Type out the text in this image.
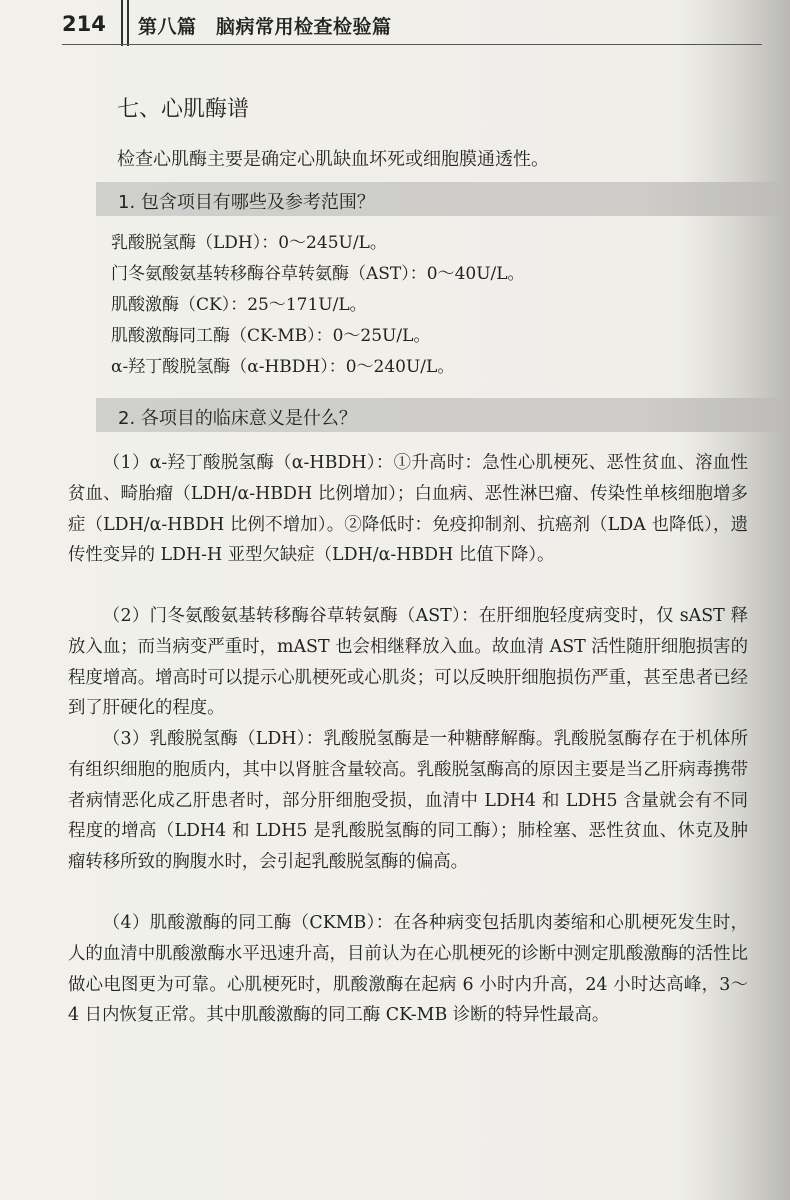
214 第八篇　脑病常用检查检验篇
七、心肌酶谱
检查心肌酶主要是确定心肌缺血坏死或细胞膜通透性。
1. 包含项目有哪些及参考范围？
乳酸脱氢酶（LDH）：0～245U/L。
门冬氨酸氨基转移酶谷草转氨酶（AST）：0～40U/L。
肌酸激酶（CK）：25～171U/L。
肌酸激酶同工酶（CK-MB）：0～25U/L。
α-羟丁酸脱氢酶（α-HBDH）：0～240U/L。
2. 各项目的临床意义是什么？

（1）α-羟丁酸脱氢酶（α-HBDH）：①升高时：急性心肌梗死、恶性贫血、溶血性贫血、畸胎瘤（LDH/α-HBDH 比例增加）；白血病、恶性淋巴瘤、传染性单核细胞增多症（LDH/α-HBDH 比例不增加）。②降低时：免疫抑制剂、抗癌剂（LDA 也降低），遗传性变异的 LDH-H 亚型欠缺症（LDH/α-HBDH 比值下降）。

（2）门冬氨酸氨基转移酶谷草转氨酶（AST）：在肝细胞轻度病变时，仅 sAST 释放入血；而当病变严重时，mAST 也会相继释放入血。故血清 AST 活性随肝细胞损害的程度增高。增高时可以提示心肌梗死或心肌炎；可以反映肝细胞损伤严重，甚至患者已经到了肝硬化的程度。

（3）乳酸脱氢酶（LDH）：乳酸脱氢酶是一种糖酵解酶。乳酸脱氢酶存在于机体所有组织细胞的胞质内，其中以肾脏含量较高。乳酸脱氢酶高的原因主要是当乙肝病毒携带者病情恶化成乙肝患者时，部分肝细胞受损，血清中 LDH4 和 LDH5 含量就会有不同程度的增高（LDH4 和 LDH5 是乳酸脱氢酶的同工酶）；肺栓塞、恶性贫血、休克及肿瘤转移所致的胸腹水时，会引起乳酸脱氢酶的偏高。

（4）肌酸激酶的同工酶（CKMB）：在各种病变包括肌肉萎缩和心肌梗死发生时，人的血清中肌酸激酶水平迅速升高，目前认为在心肌梗死的诊断中测定肌酸激酶的活性比做心电图更为可靠。心肌梗死时，肌酸激酶在起病 6 小时内升高，24 小时达高峰，3～4 日内恢复正常。其中肌酸激酶的同工酶 CK-MB 诊断的特异性最高。
